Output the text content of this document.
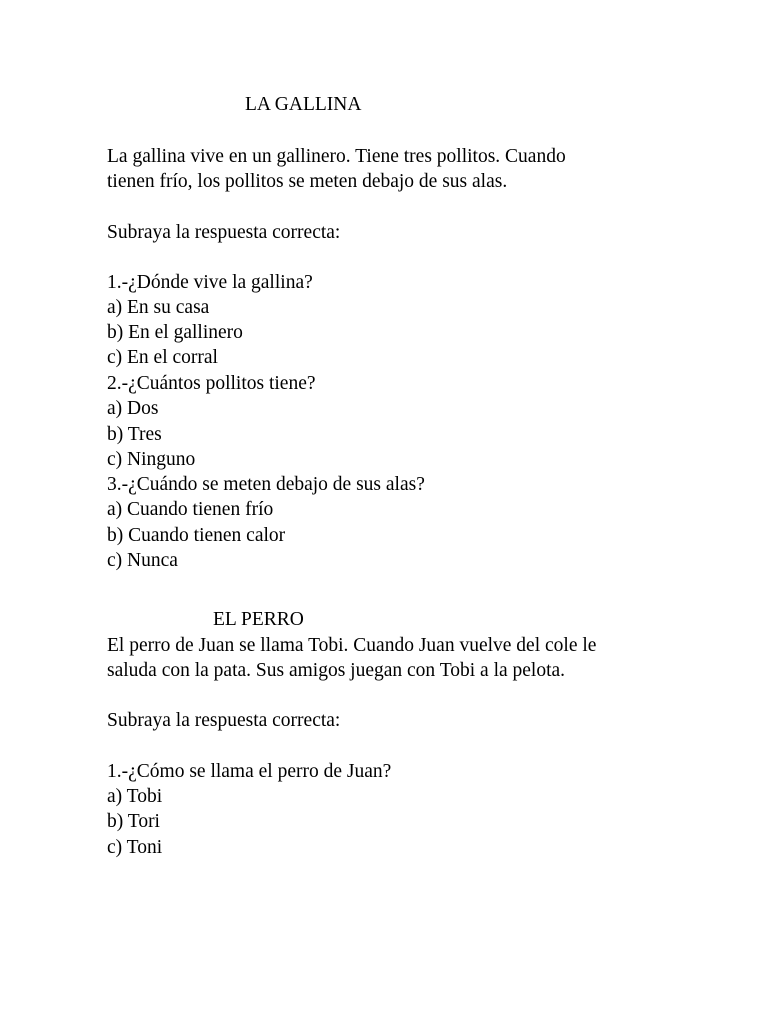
LA GALLINA

La gallina vive en un gallinero. Tiene tres pollitos. Cuando

tienen frío, los pollitos se meten debajo de sus alas.

Subraya la respuesta correcta:

1.-¿Dónde vive la gallina?

a) En su casa

b) En el gallinero

c) En el corral

2.-¿Cuántos pollitos tiene?

a) Dos

b) Tres

c) Ninguno

3.-¿Cuándo se meten debajo de sus alas?

a) Cuando tienen frío

b) Cuando tienen calor

c) Nunca

EL PERRO

El perro de Juan se llama Tobi. Cuando Juan vuelve del cole le

saluda con la pata. Sus amigos juegan con Tobi a la pelota.

Subraya la respuesta correcta:

1.-¿Cómo se llama el perro de Juan?

a) Tobi

b) Tori

c) Toni
